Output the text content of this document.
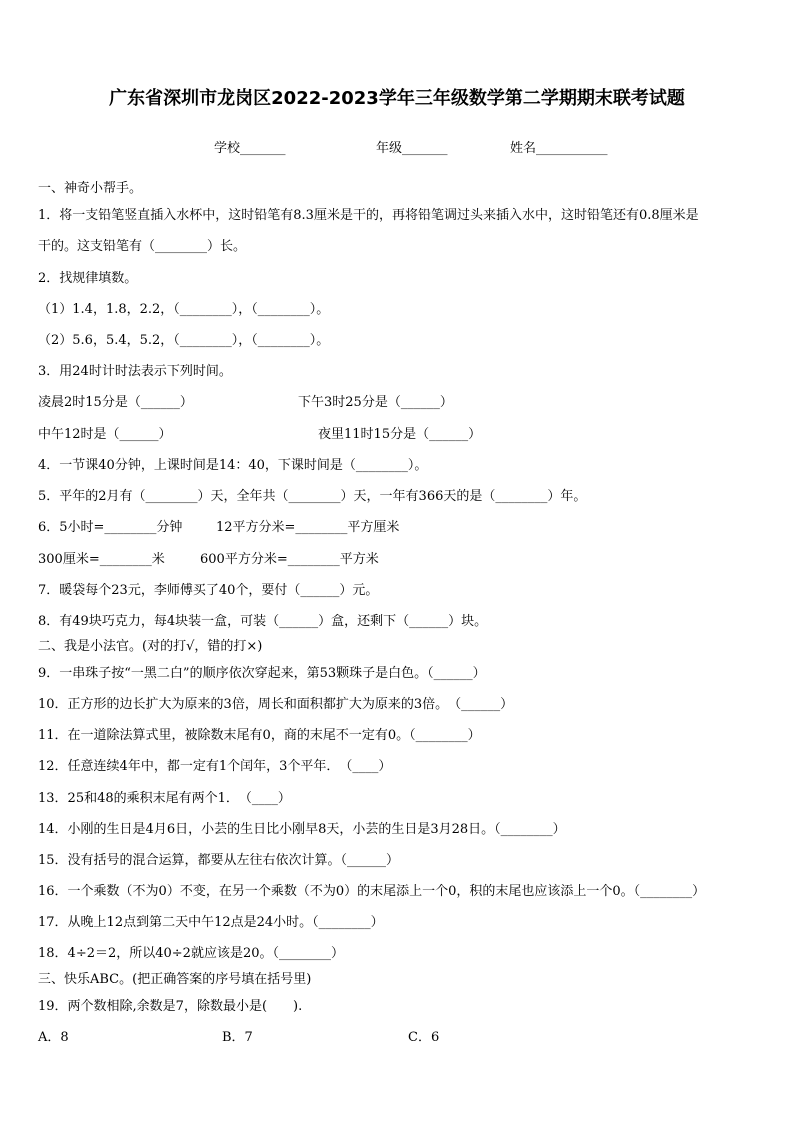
广东省深圳市龙岗区2022-2023学年三年级数学第二学期期末联考试题
学校_______	年级_______	姓名___________
一、神奇小帮手。
1．将一支铅笔竖直插入水杯中，这时铅笔有8.3厘米是干的，再将铅笔调过头来插入水中，这时铅笔还有0.8厘米是
干的。这支铅笔有（________）长。
2．找规律填数。
（1）1.4，1.8，2.2，（________），（________）。
（2）5.6，5.4，5.2，（________），（________）。
3．用24时计时法表示下列时间。
凌晨2时15分是（______）	下午3时25分是（______）
中午12时是（______）	夜里11时15分是（______）
4．一节课40分钟，上课时间是14：40，下课时间是（________）。
5．平年的2月有（________）天，全年共（________）天，一年有366天的是（________）年。
6．5小时=________分钟	12平方分米=________平方厘米
300厘米=________米	600平方分米=________平方米
7．暖袋每个23元，李师傅买了40个，要付（______）元。
8．有49块巧克力，每4块装一盒，可装（______）盒，还剩下（______）块。
二、我是小法官。(对的打√，错的打×)
9．一串珠子按“一黑二白”的顺序依次穿起来，第53颗珠子是白色。（______）
10．正方形的边长扩大为原来的3倍，周长和面积都扩大为原来的3倍。　（______）
11．在一道除法算式里，被除数末尾有0，商的末尾不一定有0。（________）
12．任意连续4年中，都一定有1个闰年，3个平年．　（____）
13．25和48的乘积末尾有两个1．　（____）
14．小刚的生日是4月6日，小芸的生日比小刚早8天，小芸的生日是3月28日。（________）
15．没有括号的混合运算，都要从左往右依次计算。（______）
16．一个乘数（不为0）不变，在另一个乘数（不为0）的末尾添上一个0，积的末尾也应该添上一个0。（________）
17．从晚上12点到第二天中午12点是24小时。（________）
18．4÷2＝2，所以40÷2就应该是20。（________）
三、快乐ABC。(把正确答案的序号填在括号里)
19．两个数相除,余数是7，除数最小是(　　).
A．8	B．7	C．6
